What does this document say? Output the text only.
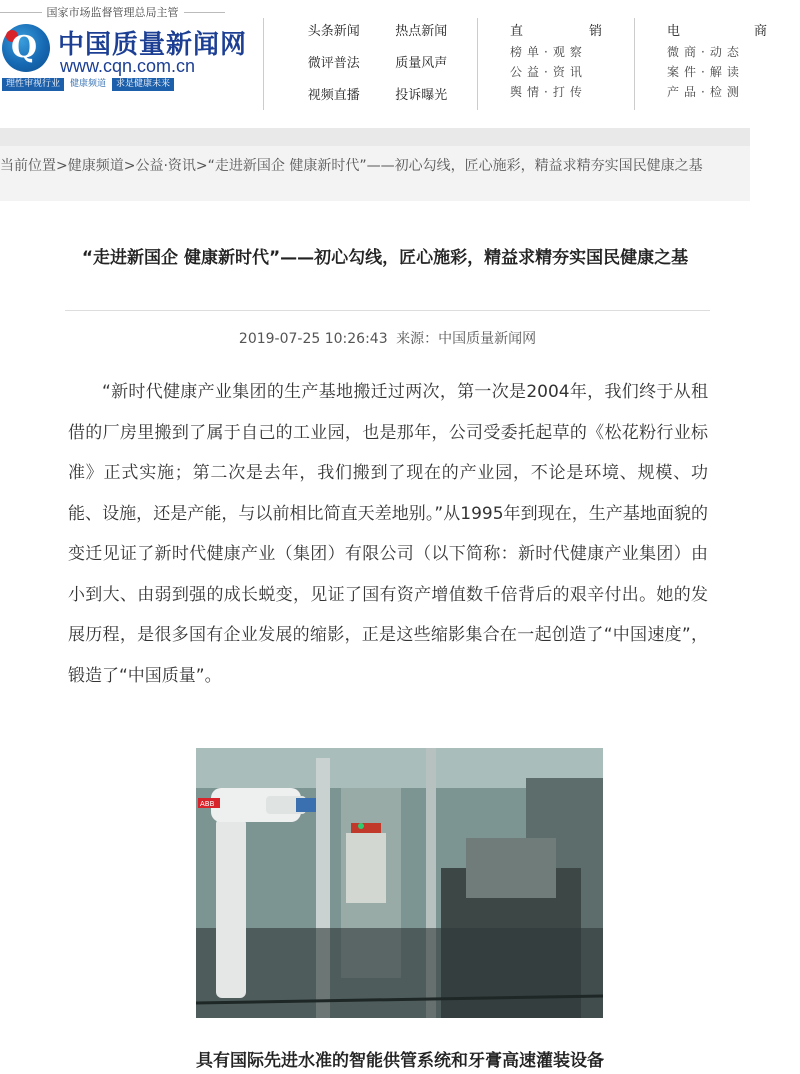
国家市场监督管理总局主管
Q 中国质量新闻网
www.cqn.com.cn
理性审视行业	健康频道	求是健康未来
头条新闻	热点新闻
微评普法	质量风声
视频直播	投诉曝光
直	销
榜单·观察
公益·资讯
舆情·打传
电	商
微商·动态
案件·解读
产品·检测
当前位置> 健康频道> 公益·资讯 > “走进新国企 健康新时代”——初心勾线，匠心施彩，精益求精夯实国民健康之基
“走进新国企 健康新时代”——初心勾线，匠心施彩，精益求精夯实国民健康之基
2019-07-25 10:26:43 来源：中国质量新闻网

“新时代健康产业集团的生产基地搬迁过两次，第一次是2004年，我们终于从租借的厂房里搬到了属于自己的工业园，也是那年，公司受委托起草的《松花粉行业标准》正式实施；第二次是去年，我们搬到了现在的产业园，不论是环境、规模、功能、设施，还是产能，与以前相比简直天差地别。”从1995年到现在，生产基地面貌的变迁见证了新时代健康产业（集团）有限公司（以下简称：新时代健康产业集团）由小到大、由弱到强的成长蜕变，见证了国有资产增值数千倍背后的艰辛付出。她的发展历程，是很多国有企业发展的缩影，正是这些缩影集合在一起创造了“中国速度”，锻造了“中国质量”。

ABB
具有国际先进水准的智能供管系统和牙膏高速灌装设备
